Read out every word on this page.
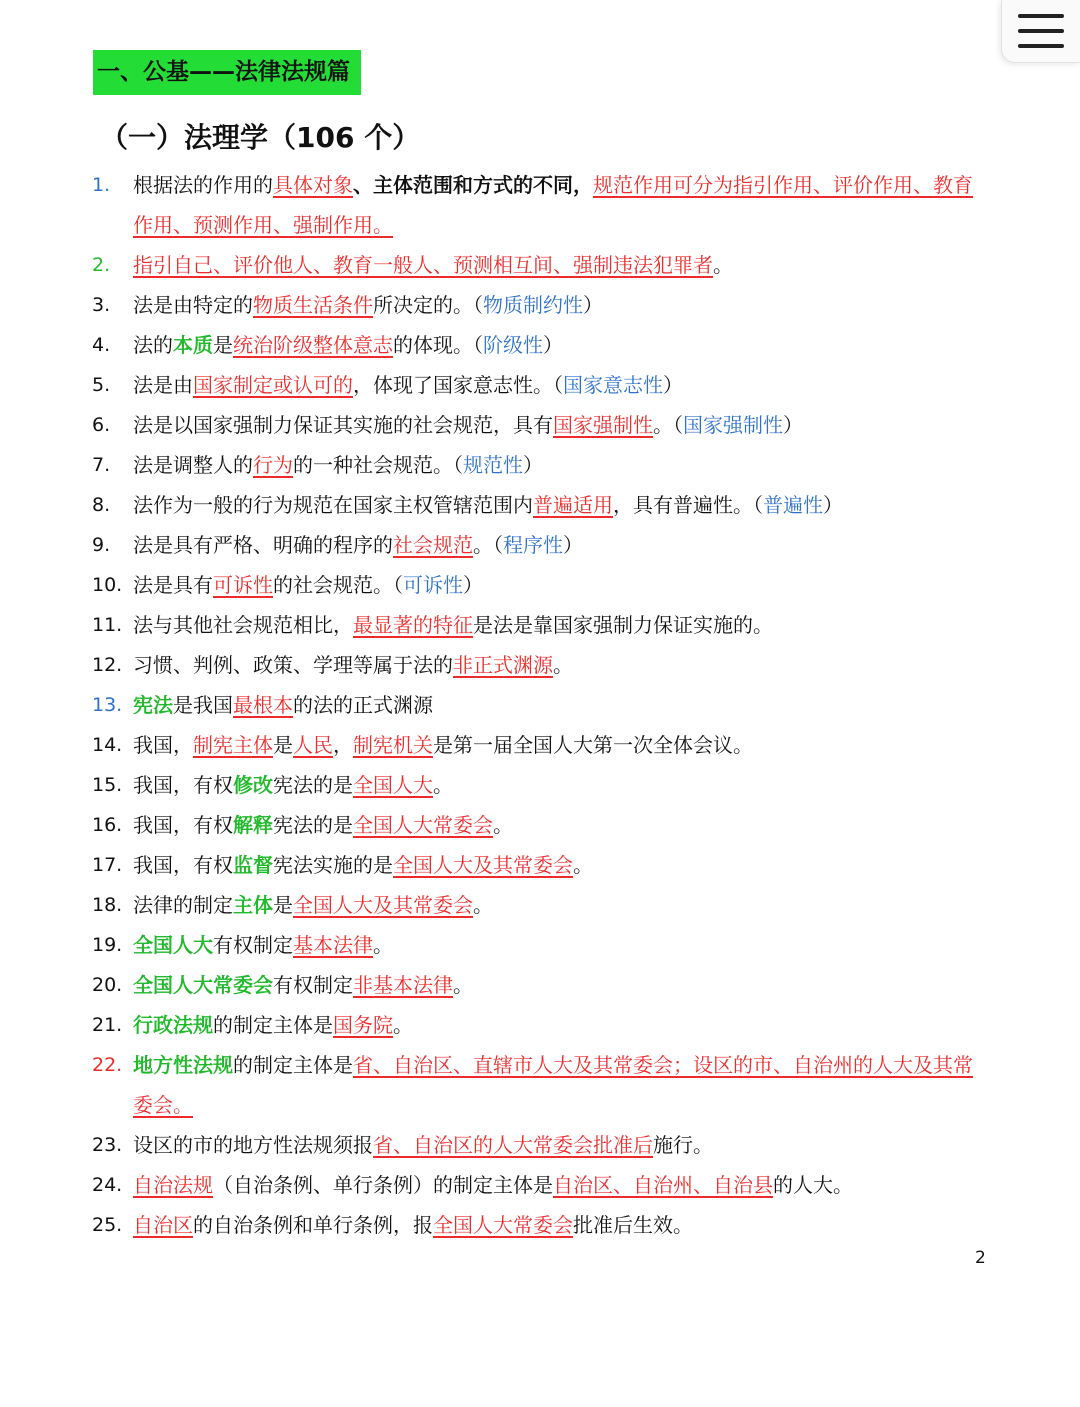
一、公基——法律法规篇
（一）法理学（106 个）
1.	根据法的作用的具体对象、主体范围和方式的不同，规范作用可分为指引作用、评价作用、教育作用、预测作用、强制作用。
2.	指引自己、评价他人、教育一般人、预测相互间、强制违法犯罪者。
3.	法是由特定的物质生活条件所决定的。（物质制约性）
4.	法的本质是统治阶级整体意志的体现。（阶级性）
5.	法是由国家制定或认可的，体现了国家意志性。（国家意志性）
6.	法是以国家强制力保证其实施的社会规范，具有国家强制性。（国家强制性）
7.	法是调整人的行为的一种社会规范。（规范性）
8.	法作为一般的行为规范在国家主权管辖范围内普遍适用，具有普遍性。（普遍性）
9.	法是具有严格、明确的程序的社会规范。（程序性）
10. 法是具有可诉性的社会规范。（可诉性）
11. 法与其他社会规范相比，最显著的特征是法是靠国家强制力保证实施的。
12. 习惯、判例、政策、学理等属于法的非正式渊源。
13. 宪法是我国最根本的法的正式渊源
14. 我国，制宪主体是人民，制宪机关是第一届全国人大第一次全体会议。
15. 我国，有权修改宪法的是全国人大。
16. 我国，有权解释宪法的是全国人大常委会。
17. 我国，有权监督宪法实施的是全国人大及其常委会。
18. 法律的制定主体是全国人大及其常委会。
19. 全国人大有权制定基本法律。
20. 全国人大常委会有权制定非基本法律。
21. 行政法规的制定主体是国务院。
22. 地方性法规的制定主体是省、自治区、直辖市人大及其常委会；设区的市、自治州的人大及其常委会。
23. 设区的市的地方性法规须报省、自治区的人大常委会批准后施行。
24. 自治法规（自治条例、单行条例）的制定主体是自治区、自治州、自治县的人大。
25. 自治区的自治条例和单行条例，报全国人大常委会批准后生效。
2
